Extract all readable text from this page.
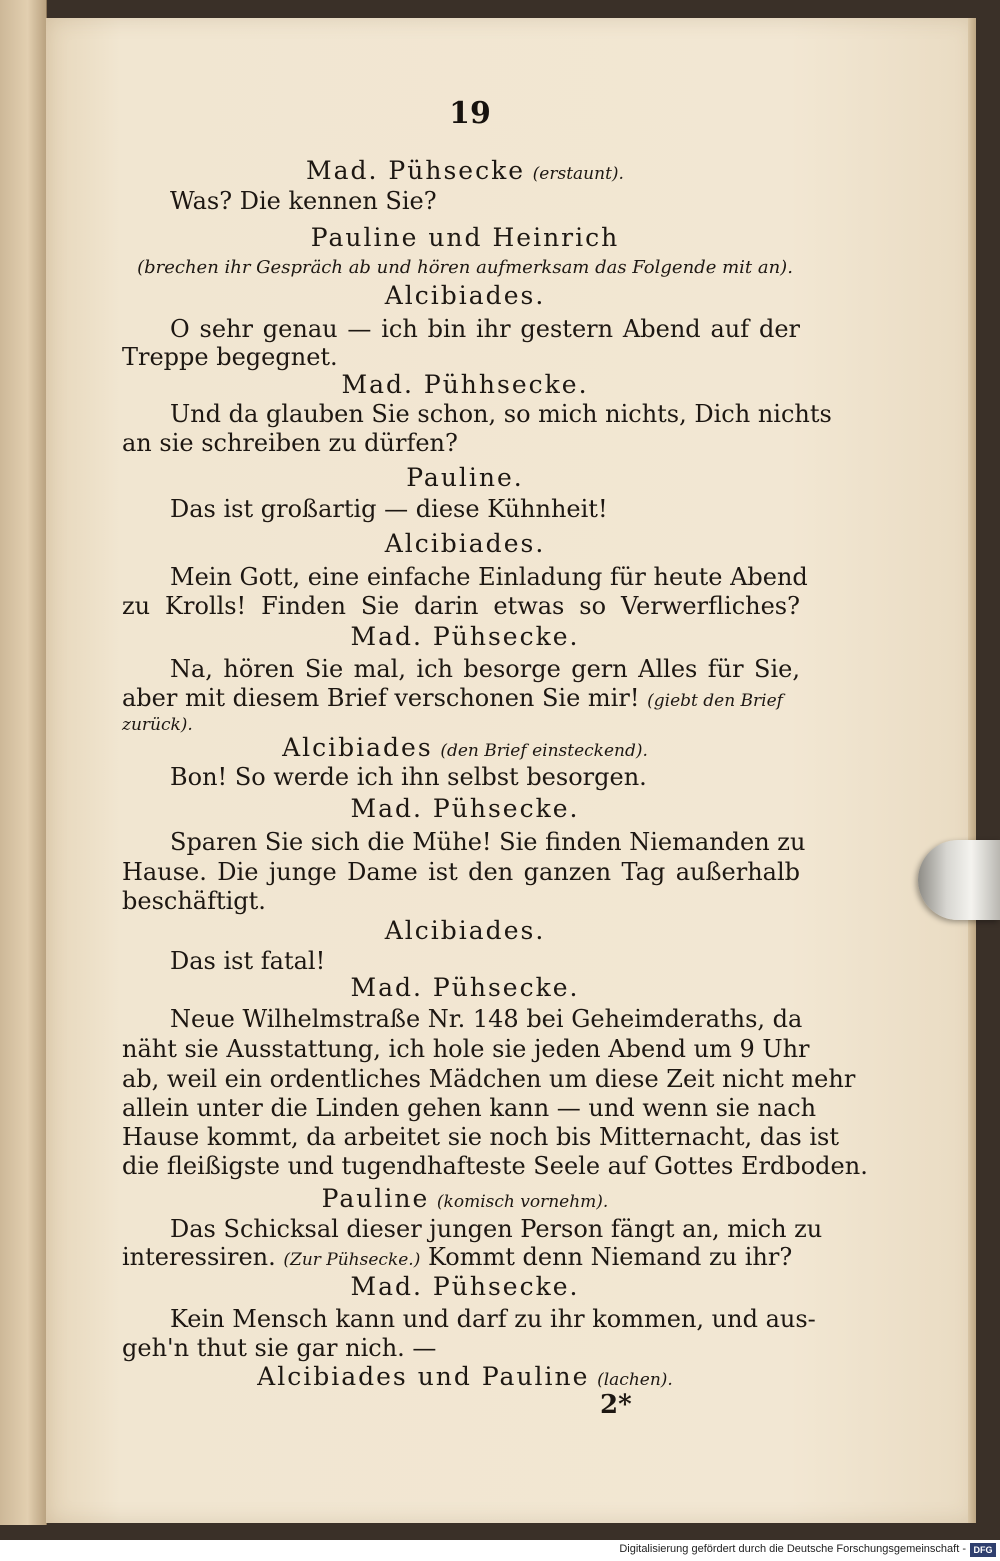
19
Mad. Pühsecke (erstaunt).
Was? Die kennen Sie?
Pauline und Heinrich
(brechen ihr Gespräch ab und hören aufmerksam das Folgende mit an).
Alcibiades.
O sehr genau — ich bin ihr gestern Abend auf der
Treppe begegnet.
Mad. Pühhsecke.
Und da glauben Sie schon, so mich nichts, Dich nichts
an sie schreiben zu dürfen?
Pauline.
Das ist großartig — diese Kühnheit!
Alcibiades.
Mein Gott, eine einfache Einladung für heute Abend
zu Krolls! Finden Sie darin etwas so Verwerfliches?
Mad. Pühsecke.
Na, hören Sie mal, ich besorge gern Alles für Sie,
aber mit diesem Brief verschonen Sie mir! (giebt den Brief
zurück).
Alcibiades (den Brief einsteckend).
Bon! So werde ich ihn selbst besorgen.
Mad. Pühsecke.
Sparen Sie sich die Mühe! Sie finden Niemanden zu
Hause. Die junge Dame ist den ganzen Tag außerhalb
beschäftigt.
Alcibiades.
Das ist fatal!
Mad. Pühsecke.
Neue Wilhelmstraße Nr. 148 bei Geheimderaths, da
näht sie Ausstattung, ich hole sie jeden Abend um 9 Uhr
ab, weil ein ordentliches Mädchen um diese Zeit nicht mehr
allein unter die Linden gehen kann — und wenn sie nach
Hause kommt, da arbeitet sie noch bis Mitternacht, das ist
die fleißigste und tugendhafteste Seele auf Gottes Erdboden.
Pauline (komisch vornehm).
Das Schicksal dieser jungen Person fängt an, mich zu
interessiren. (Zur Pühsecke.) Kommt denn Niemand zu ihr?
Mad. Pühsecke.
Kein Mensch kann und darf zu ihr kommen, und aus-
geh'n thut sie gar nich. —
Alcibiades und Pauline (lachen).
2*
Digitalisierung gefördert durch die Deutsche Forschungsgemeinschaft - DFG
